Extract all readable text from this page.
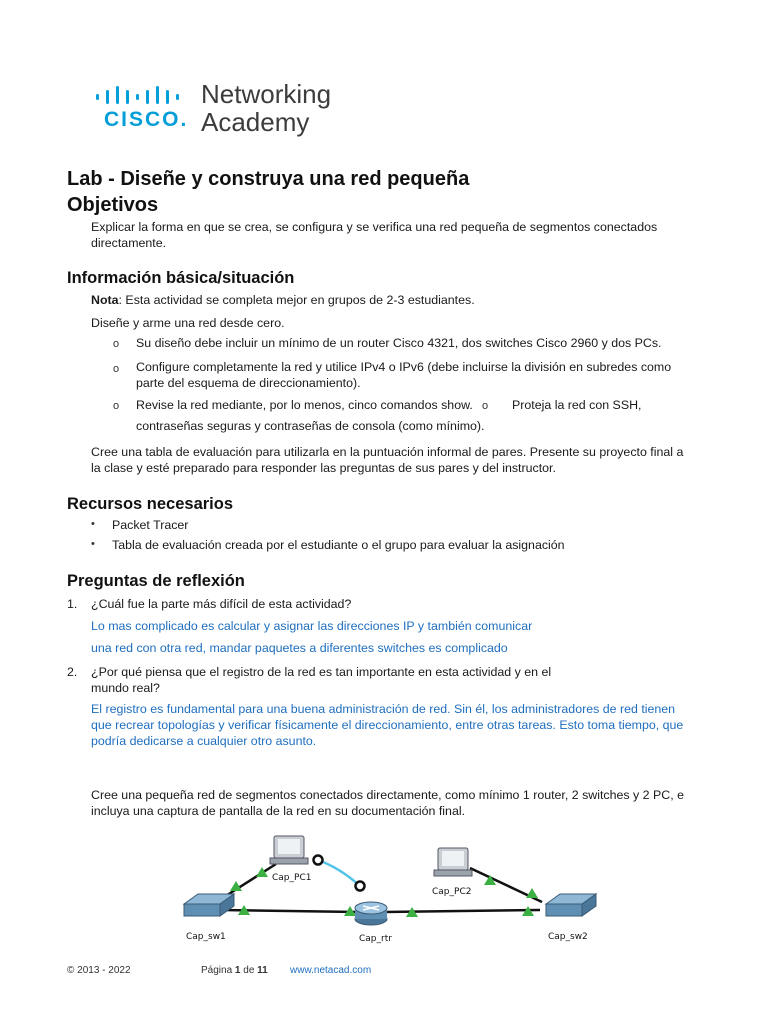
CISCO.
Networking
Academy
Lab - Diseñe y construya una red pequeña
Objetivos
Explicar la forma en que se crea, se configura y se verifica una red pequeña de segmentos conectados
directamente.
Información básica/situación
Nota: Esta actividad se completa mejor en grupos de 2-3 estudiantes.
Diseñe y arme una red desde cero.
o Su diseño debe incluir un mínimo de un router Cisco 4321, dos switches Cisco 2960 y dos PCs.
o Configure completamente la red y utilice IPv4 o IPv6 (debe incluirse la división en subredes como
parte del esquema de direccionamiento).
o Revise la red mediante, por lo menos, cinco comandos show. o Proteja la red con SSH,
contraseñas seguras y contraseñas de consola (como mínimo).
Cree una tabla de evaluación para utilizarla en la puntuación informal de pares. Presente su proyecto final a
la clase y esté preparado para responder las preguntas de sus pares y del instructor.
Recursos necesarios
• Packet Tracer
• Tabla de evaluación creada por el estudiante o el grupo para evaluar la asignación
Preguntas de reflexión
1. ¿Cuál fue la parte más difícil de esta actividad?
Lo mas complicado es calcular y asignar las direcciones IP y también comunicar
una red con otra red, mandar paquetes a diferentes switches es complicado
2. ¿Por qué piensa que el registro de la red es tan importante en esta actividad y en el
mundo real?
El registro es fundamental para una buena administración de red. Sin él, los administradores de red tienen
que recrear topologías y verificar físicamente el direccionamiento, entre otras tareas. Esto toma tiempo, que
podría dedicarse a cualquier otro asunto.
Cree una pequeña red de segmentos conectados directamente, como mínimo 1 router, 2 switches y 2 PC, e
incluya una captura de pantalla de la red en su documentación final.
Cap_PC1
Cap_PC2
Cap_sw1	Cap_sw2
Cap_rtr
© 2013 - 2022	Página 1 de 11 www.netacad.com
